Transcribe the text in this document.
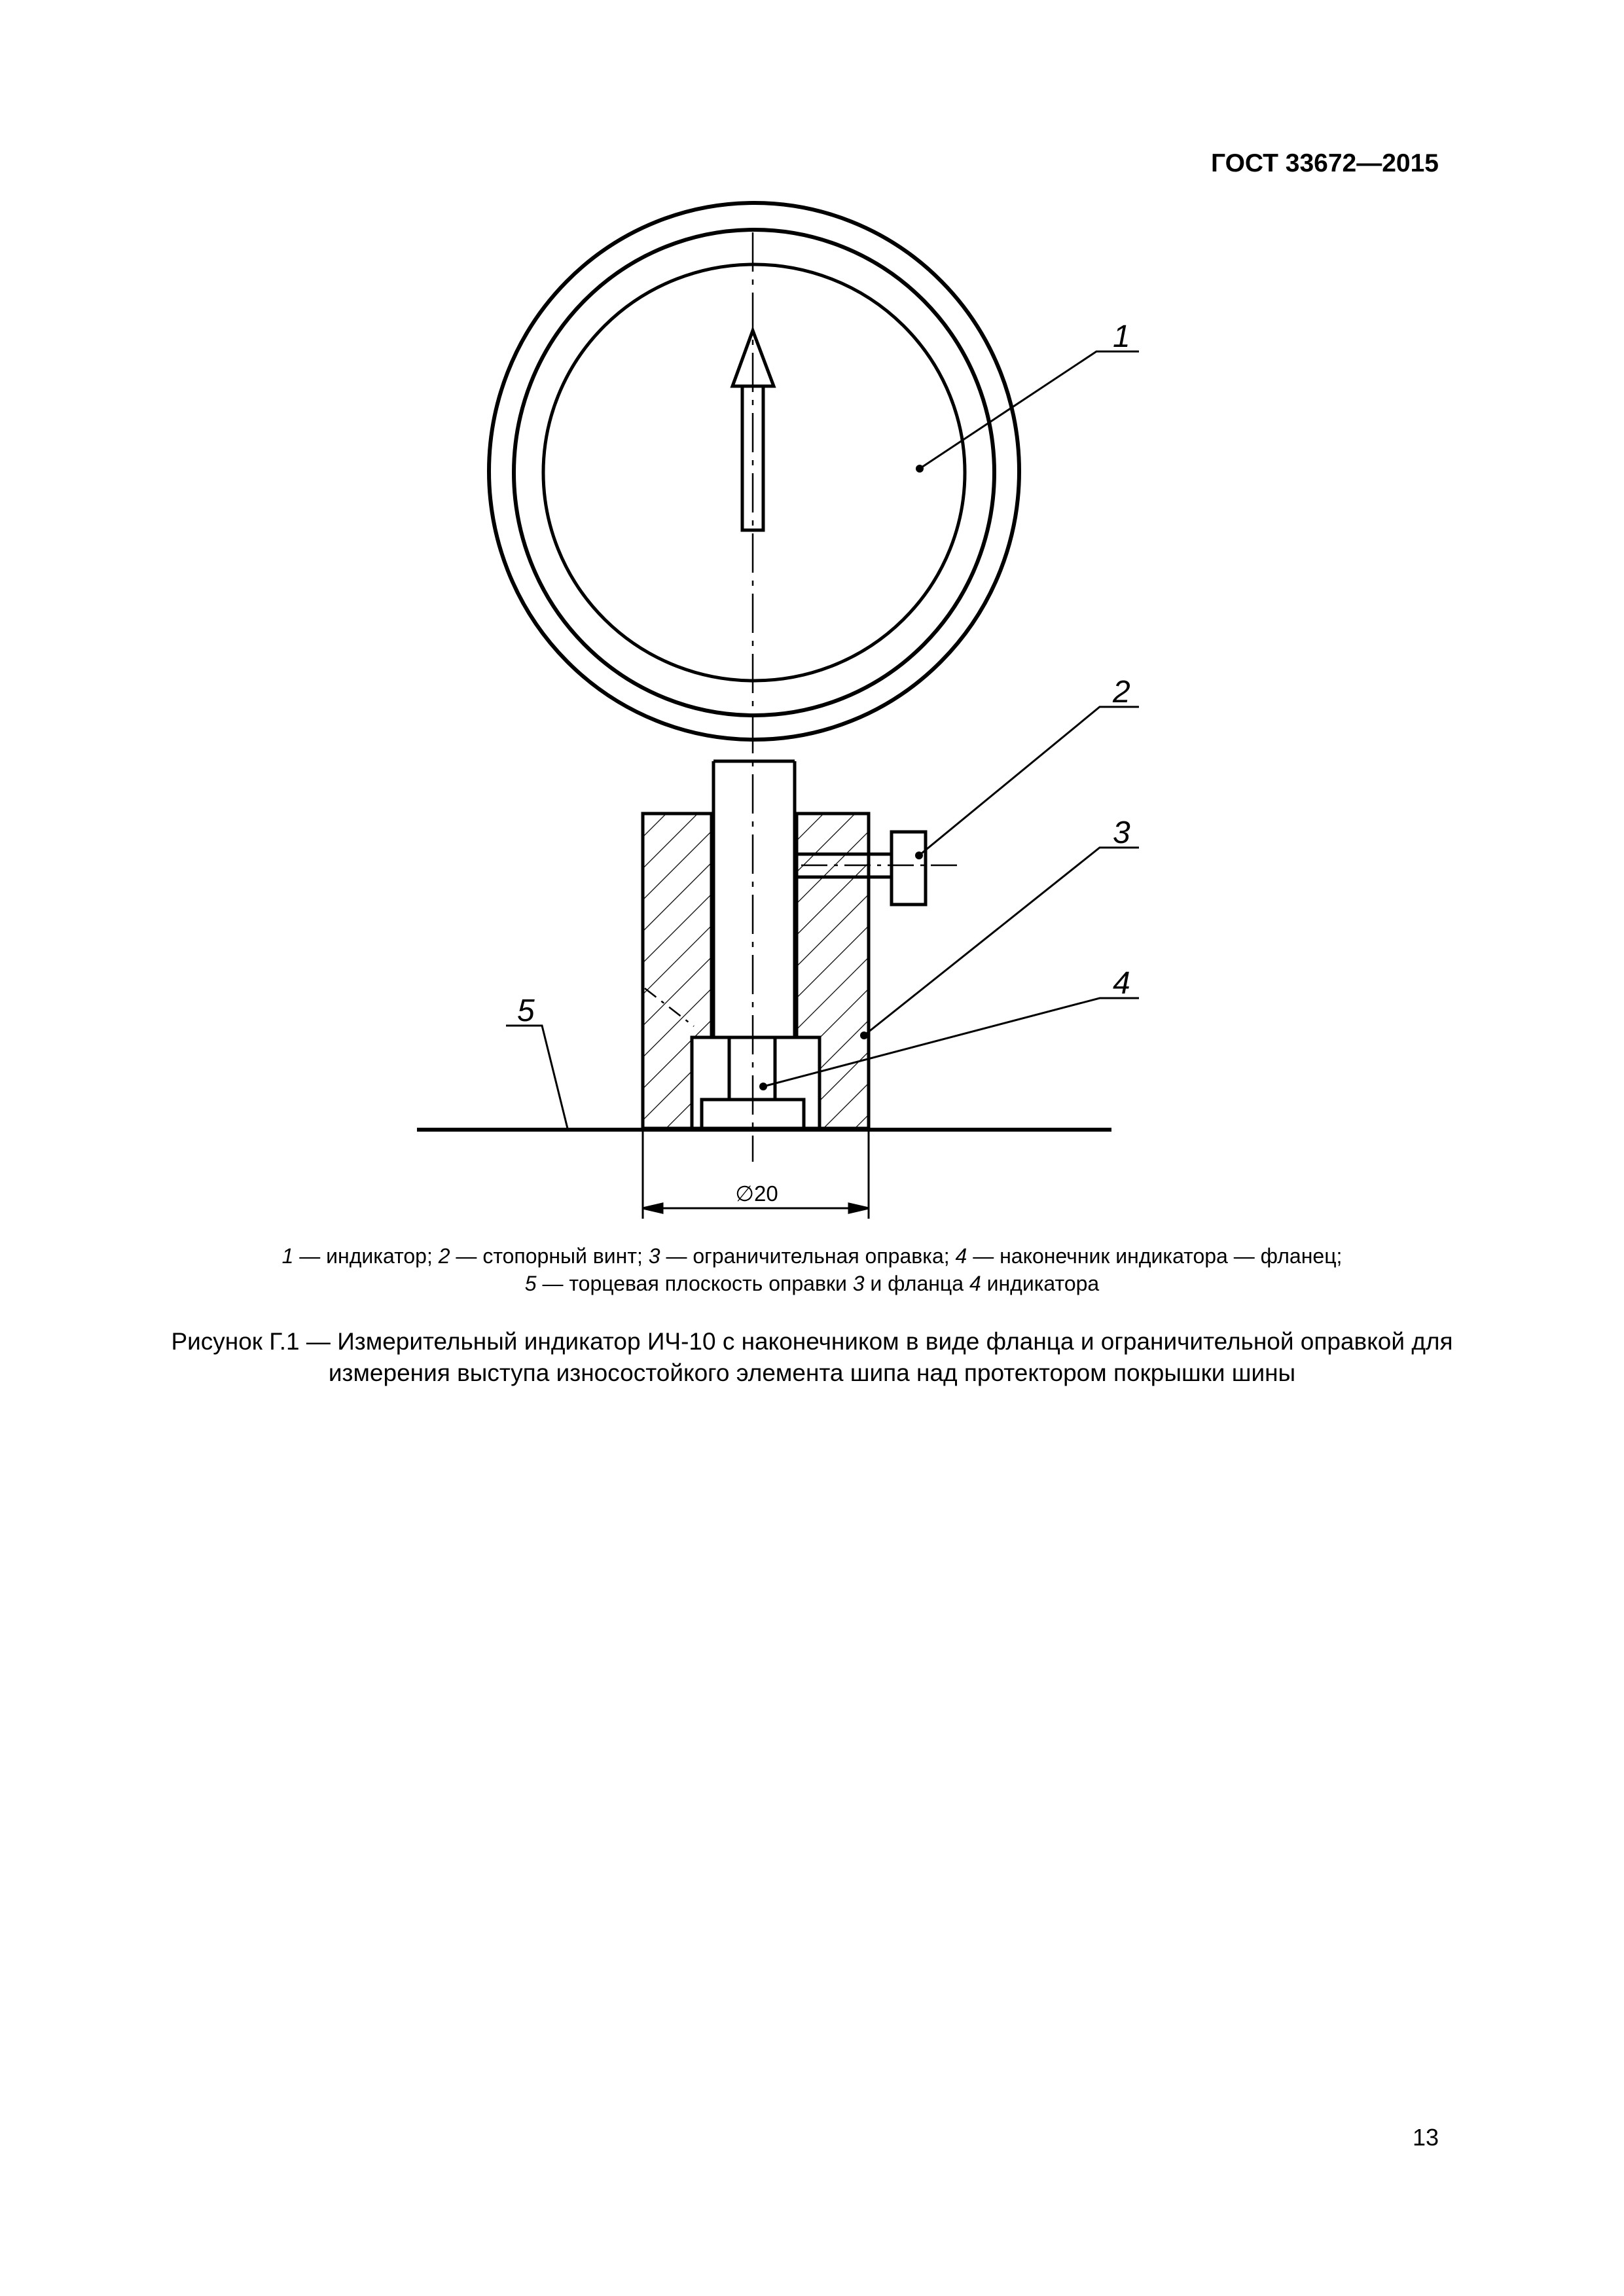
ГОСТ 33672—2015
∅20
1
2
3
4
5
1 — индикатор; 2 — стопорный винт; 3 — ограничительная оправка; 4 — наконечник индикатора — фланец;
5 — торцевая плоскость оправки 3 и фланца 4 индикатора
Рисунок Г.1 — Измерительный индикатор ИЧ-10 с наконечником в виде фланца и ограничительной оправкой для
измерения выступа износостойкого элемента шипа над протектором покрышки шины
13
